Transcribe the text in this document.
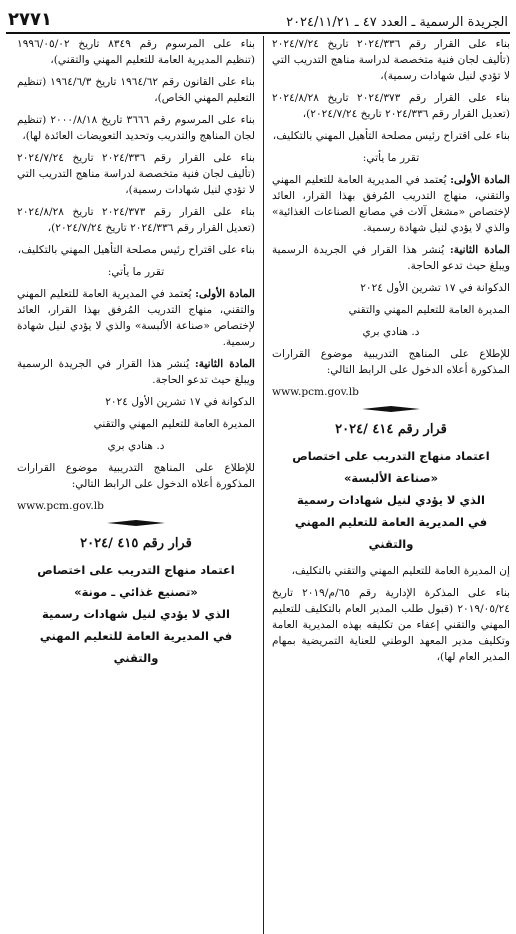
الجريدة الرسمية ـ العدد ٤٧ ـ ٢٠٢٤/١١/٢١
٢٧٧١

بناء على القرار رقم ٢٠٢٤/٣٣٦ تاريخ ٢٠٢٤/٧/٢٤ (تأليف لجان فنية متخصصة لدراسة مناهج التدريب التي لا تؤدي لنيل شهادات رسمية)،

بناء على القرار رقم ٢٠٢٤/٣٧٣ تاريخ ٢٠٢٤/٨/٢٨ (تعديل القرار رقم ٢٠٢٤/٣٣٦ تاريخ ٢٠٢٤/٧/٢٤)،

بناء على اقتراح رئيس مصلحة التأهيل المهني بالتكليف،

تقرر ما يأتي:

المادة الأولى: يُعتمد في المديرية العامة للتعليم المهني والتقني، منهاج التدريب المُرفق بهذا القرار، العائد لإختصاص «مشغل آلات في مصانع الصناعات الغذائية» والذي لا يؤدي لنيل شهادة رسمية.

المادة الثانية: يُنشر هذا القرار في الجريدة الرسمية ويبلغ حيث تدعو الحاجة.

الدكوانة في ١٧ تشرين الأول ٢٠٢٤

المديرة العامة للتعليم المهني والتقني

د. هنادي بري

للإطلاع على المناهج التدريبية موضوع القرارات المذكورة أعلاه الدخول على الرابط التالي:

www.pcm.gov.lb

قرار رقم ٤١٤ /٢٠٢٤

اعتماد منهاج التدريب على اختصاص

«صناعة الألبسة»

الذي لا يؤدي لنيل شهادات رسمية

في المديرية العامة للتعليم المهني والتقني

إن المديرة العامة للتعليم المهني والتقني بالتكليف،

بناء على المذكرة الإدارية رقم ٦٥/م/٢٠١٩ تاريخ ٢٠١٩/٠٥/٢٤ (قبول طلب المدير العام بالتكليف للتعليم المهني والتقني إعفاء من تكليفه بهذه المديرية العامة وتكليف مدير المعهد الوطني للعناية التمريضية بمهام المدير العام لها)،

بناء على المرسوم رقم ٨٣٤٩ تاريخ ١٩٩٦/٠٥/٠٢ (تنظيم المديرية العامة للتعليم المهني والتقني)،

بناء على القانون رقم ١٩٦٤/٦٢ تاريخ ١٩٦٤/٦/٣ (تنظيم التعليم المهني الخاص)،

بناء على المرسوم رقم ٣٦٦٦ تاريخ ٢٠٠٠/٨/١٨ (تنظيم لجان المناهج والتدريب وتحديد التعويضات العائدة لها)،

بناء على القرار رقم ٢٠٢٤/٣٣٦ تاريخ ٢٠٢٤/٧/٢٤ (تأليف لجان فنية متخصصة لدراسة مناهج التدريب التي لا تؤدي لنيل شهادات رسمية)،

بناء على القرار رقم ٢٠٢٤/٣٧٣ تاريخ ٢٠٢٤/٨/٢٨ (تعديل القرار رقم ٢٠٢٤/٣٣٦ تاريخ ٢٠٢٤/٧/٢٤)،

بناء على اقتراح رئيس مصلحة التأهيل المهني بالتكليف،

تقرر ما يأتي:

المادة الأولى: يُعتمد في المديرية العامة للتعليم المهني والتقني، منهاج التدريب المُرفق بهذا القرار، العائد لإختصاص «صناعة الألبسة» والذي لا يؤدي لنيل شهادة رسمية.

المادة الثانية: يُنشر هذا القرار في الجريدة الرسمية ويبلغ حيث تدعو الحاجة.

الدكوانة في ١٧ تشرين الأول ٢٠٢٤

المديرة العامة للتعليم المهني والتقني

د. هنادي بري

للإطلاع على المناهج التدريبية موضوع القرارات المذكورة أعلاه الدخول على الرابط التالي:

www.pcm.gov.lb

قرار رقم ٤١٥ /٢٠٢٤

اعتماد منهاج التدريب على اختصاص

«تصنيع غذائي ـ مونة»

الذي لا يؤدي لنيل شهادات رسمية

في المديرية العامة للتعليم المهني والتقني
